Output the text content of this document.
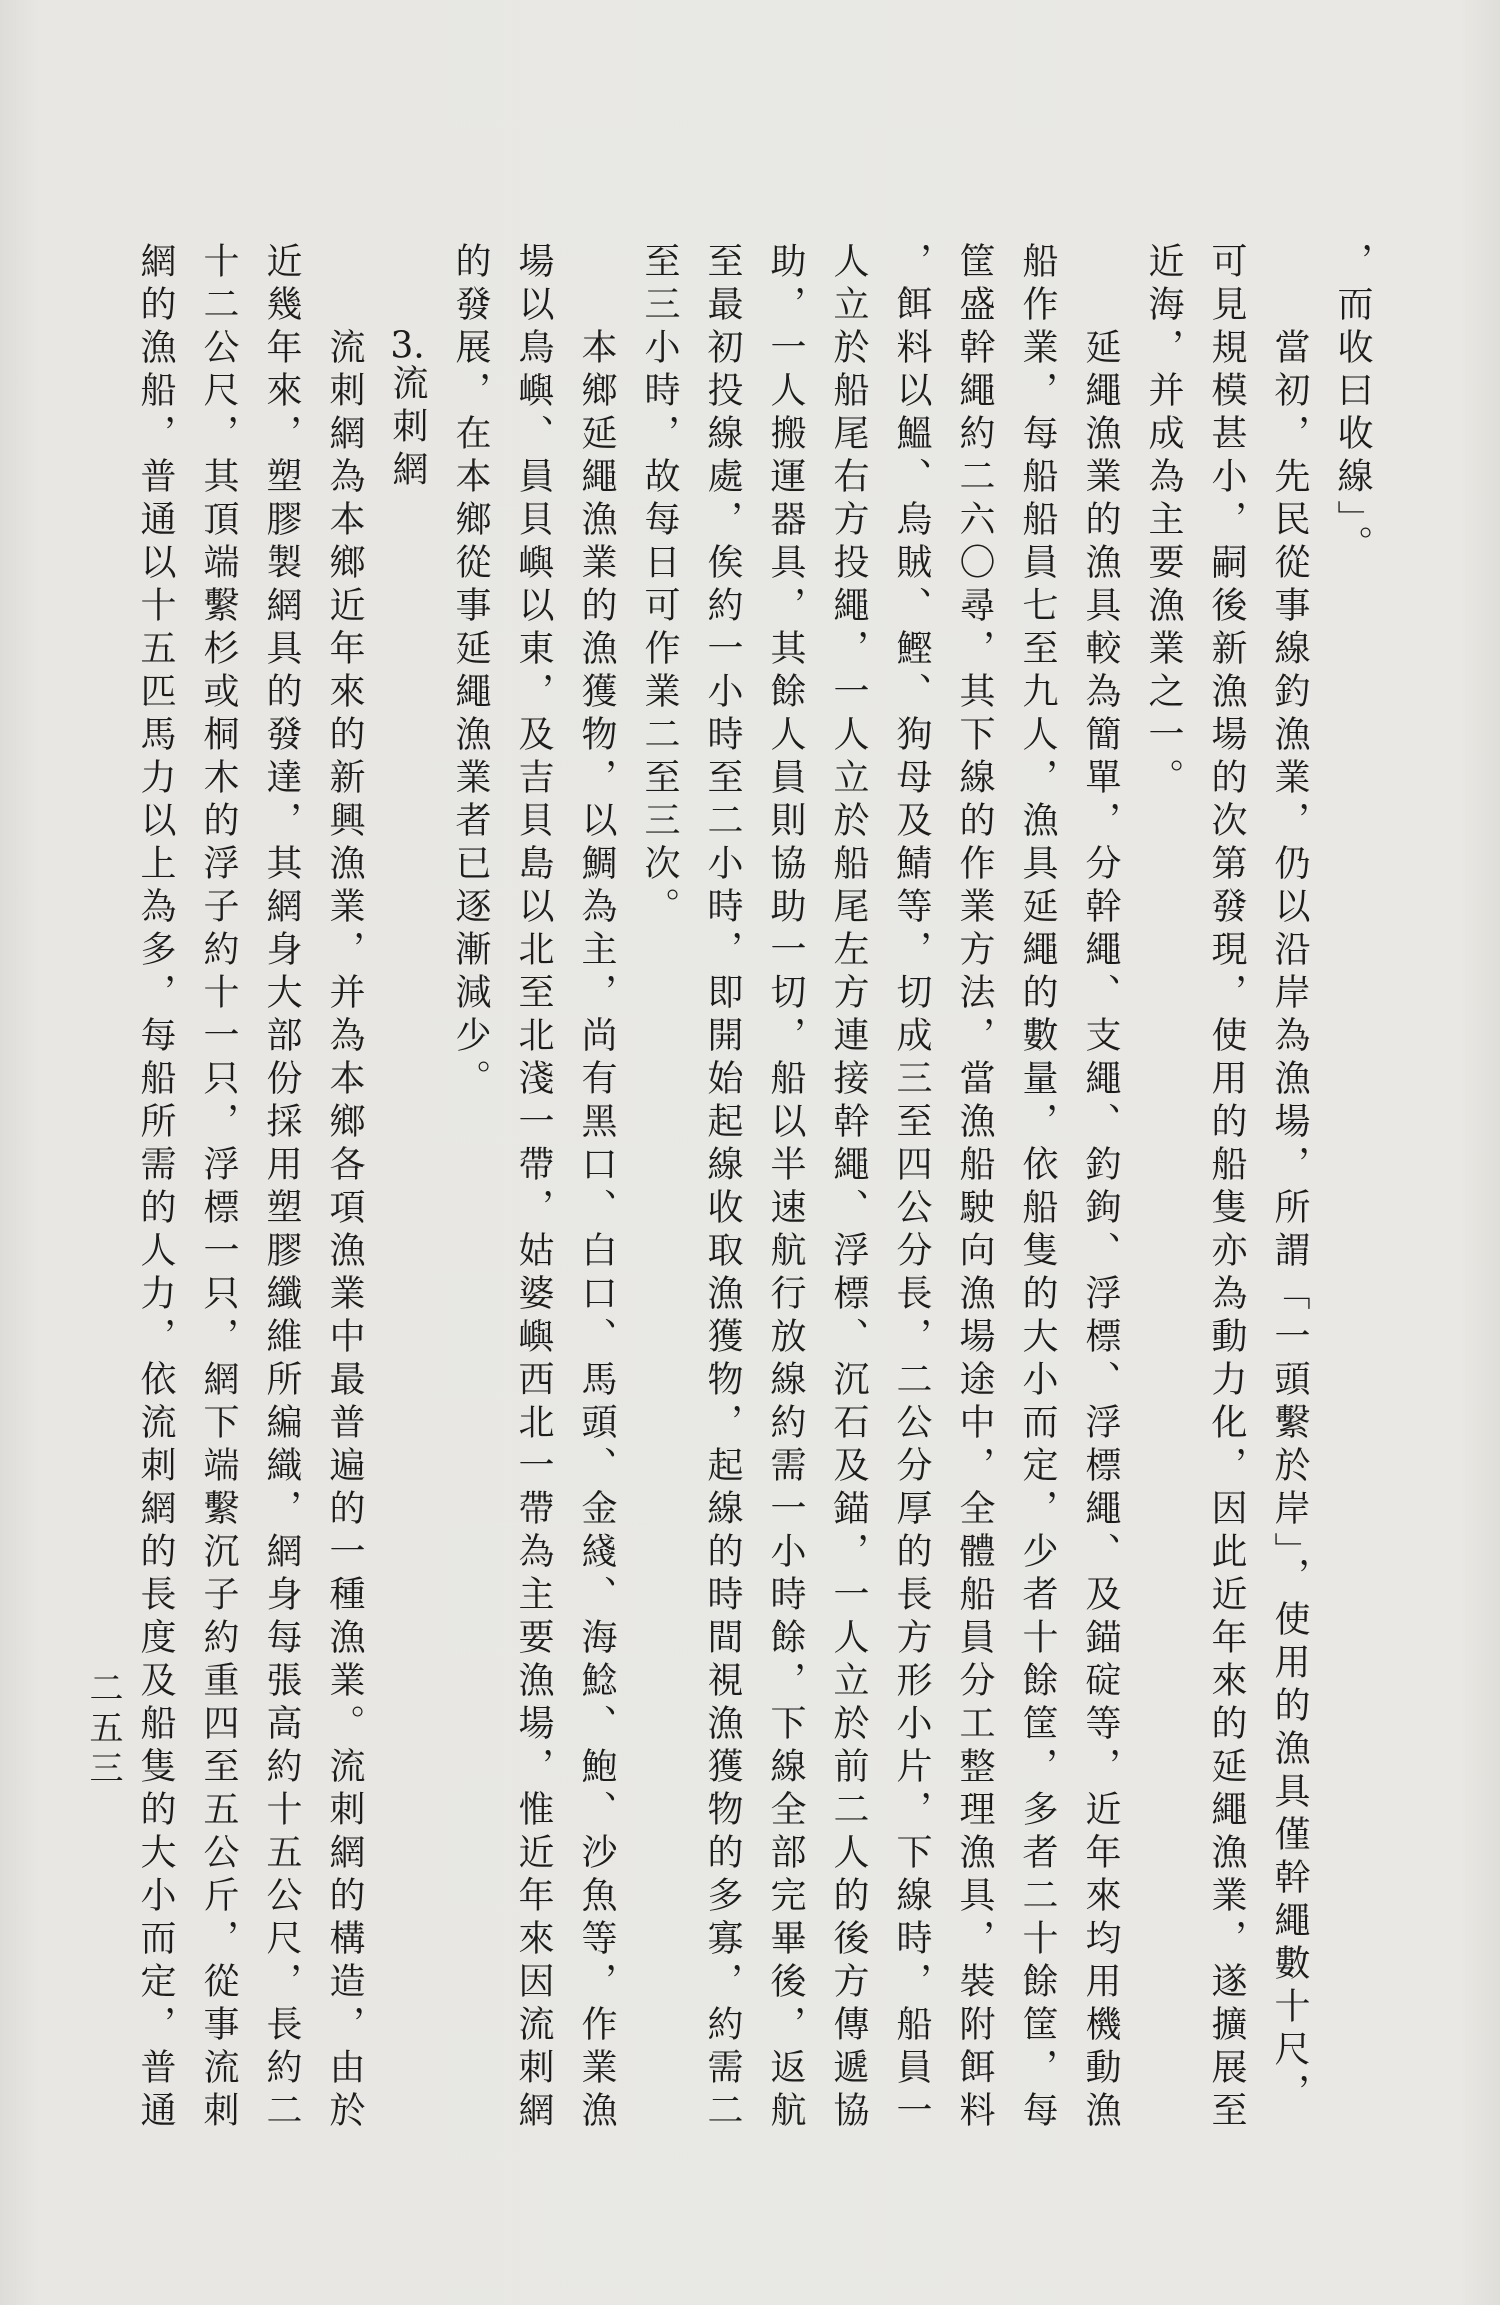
，而收曰收線」。
當初，先民從事線釣漁業，仍以沿岸為漁場，所謂「一頭繫於岸」，使用的漁具僅幹繩數十尺，
可見規模甚小，嗣後新漁場的次第發現，使用的船隻亦為動力化，因此近年來的延繩漁業，遂擴展至
近海，并成為主要漁業之一。
延繩漁業的漁具較為簡單，分幹繩、支繩、釣鉤、浮標、浮標繩、及錨碇等，近年來均用機動漁
船作業，每船船員七至九人，漁具延繩的數量，依船隻的大小而定，少者十餘筐，多者二十餘筐，每
筐盛幹繩約二六〇尋，其下線的作業方法，當漁船駛向漁場途中，全體船員分工整理漁具，裝附餌料
，餌料以鰮、烏賊、鰹、狗母及鯖等，切成三至四公分長，二公分厚的長方形小片，下線時，船員一
人立於船尾右方投繩，一人立於船尾左方連接幹繩、浮標、沉石及錨，一人立於前二人的後方傳遞協
助，一人搬運器具，其餘人員則協助一切，船以半速航行放線約需一小時餘，下線全部完畢後，返航
至最初投線處，俟約一小時至二小時，即開始起線收取漁獲物，起線的時間視漁獲物的多寡，約需二
至三小時，故每日可作業二至三次。
本鄉延繩漁業的漁獲物，以鯛為主，尚有黑口、白口、馬頭、金綫、海鯰、鮑、沙魚等，作業漁
場以鳥嶼、員貝嶼以東，及吉貝島以北至北淺一帶，姑婆嶼西北一帶為主要漁場，惟近年來因流刺網
的發展，在本鄉從事延繩漁業者已逐漸減少。
3.流刺網
流刺網為本鄉近年來的新興漁業，并為本鄉各項漁業中最普遍的一種漁業。流刺網的構造，由於
近幾年來，塑膠製網具的發達，其網身大部份採用塑膠纖維所編織，網身每張高約十五公尺，長約二
十二公尺，其頂端繫杉或桐木的浮子約十一只，浮標一只，網下端繫沉子約重四至五公斤，從事流刺
網的漁船，普通以十五匹馬力以上為多，每船所需的人力，依流刺網的長度及船隻的大小而定，普通
二五三
